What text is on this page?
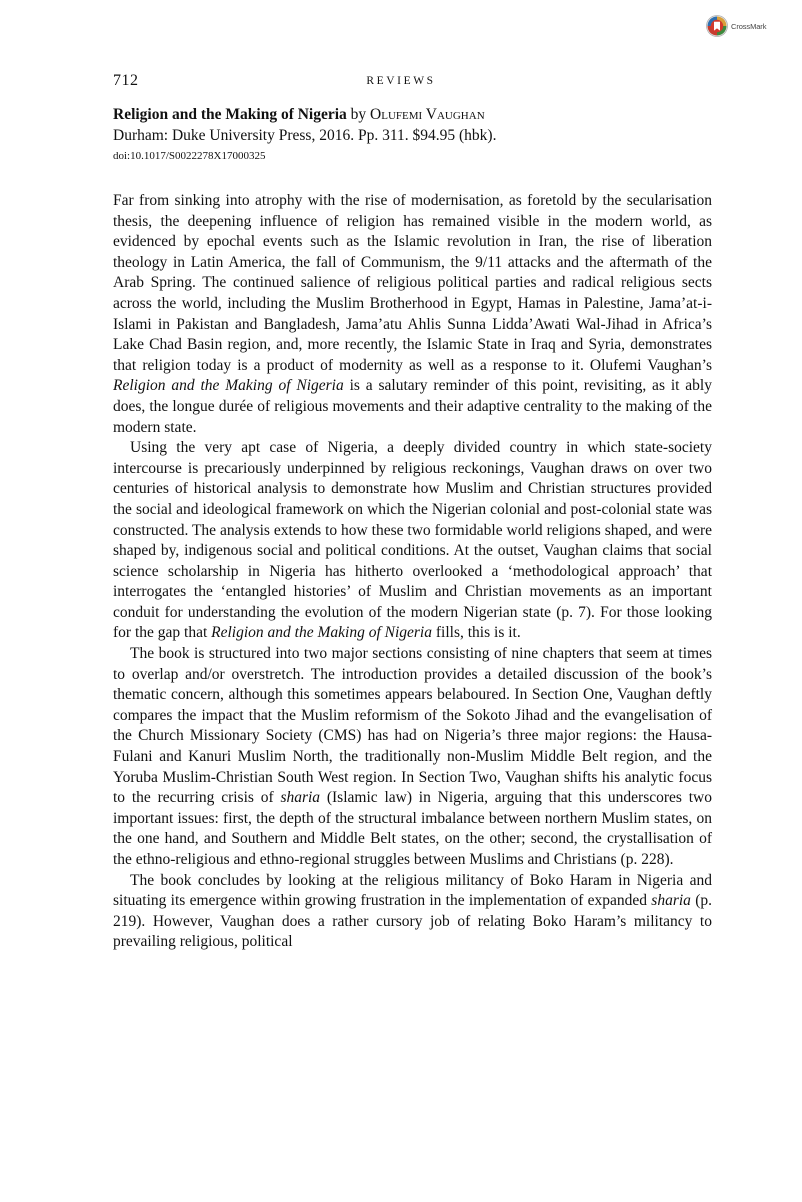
CrossMark
712	REVIEWS
Religion and the Making of Nigeria by Olufemi Vaughan
Durham: Duke University Press, 2016. Pp. 311. $94.95 (hbk).
doi:10.1017/S0022278X17000325

Far from sinking into atrophy with the rise of modernisation, as foretold by the secularisation thesis, the deepening influence of religion has remained visible in the modern world, as evidenced by epochal events such as the Islamic revolution in Iran, the rise of liberation theology in Latin America, the fall of Communism, the 9/11 attacks and the aftermath of the Arab Spring. The continued salience of religious political parties and radical religious sects across the world, including the Muslim Brotherhood in Egypt, Hamas in Palestine, Jama’at-i-Islami in Pakistan and Bangladesh, Jama’atu Ahlis Sunna Lidda’Awati Wal-Jihad in Africa’s Lake Chad Basin region, and, more recently, the Islamic State in Iraq and Syria, demonstrates that religion today is a product of modernity as well as a response to it. Olufemi Vaughan’s Religion and the Making of Nigeria is a salutary reminder of this point, revisiting, as it ably does, the longue durée of religious movements and their adaptive centrality to the making of the modern state.

Using the very apt case of Nigeria, a deeply divided country in which state-society intercourse is precariously underpinned by religious reckonings, Vaughan draws on over two centuries of historical analysis to demonstrate how Muslim and Christian structures provided the social and ideological framework on which the Nigerian colonial and post-colonial state was constructed. The analysis extends to how these two formidable world religions shaped, and were shaped by, indigenous social and political conditions. At the outset, Vaughan claims that social science scholarship in Nigeria has hitherto overlooked a ‘methodological approach’ that interrogates the ‘entangled histories’ of Muslim and Christian movements as an important conduit for understanding the evolution of the modern Nigerian state (p. 7). For those looking for the gap that Religion and the Making of Nigeria fills, this is it.

The book is structured into two major sections consisting of nine chapters that seem at times to overlap and/or overstretch. The introduction provides a detailed discussion of the book’s thematic concern, although this sometimes appears belaboured. In Section One, Vaughan deftly compares the impact that the Muslim reformism of the Sokoto Jihad and the evangelisation of the Church Missionary Society (CMS) has had on Nigeria’s three major regions: the Hausa-Fulani and Kanuri Muslim North, the traditionally non-Muslim Middle Belt region, and the Yoruba Muslim-Christian South West region. In Section Two, Vaughan shifts his analytic focus to the recurring crisis of sharia (Islamic law) in Nigeria, arguing that this underscores two important issues: first, the depth of the structural imbalance between northern Muslim states, on the one hand, and Southern and Middle Belt states, on the other; second, the crystallisation of the ethno-religious and ethno-regional struggles between Muslims and Christians (p. 228).

The book concludes by looking at the religious militancy of Boko Haram in Nigeria and situating its emergence within growing frustration in the implementation of expanded sharia (p. 219). However, Vaughan does a rather cursory job of relating Boko Haram’s militancy to prevailing religious, political
